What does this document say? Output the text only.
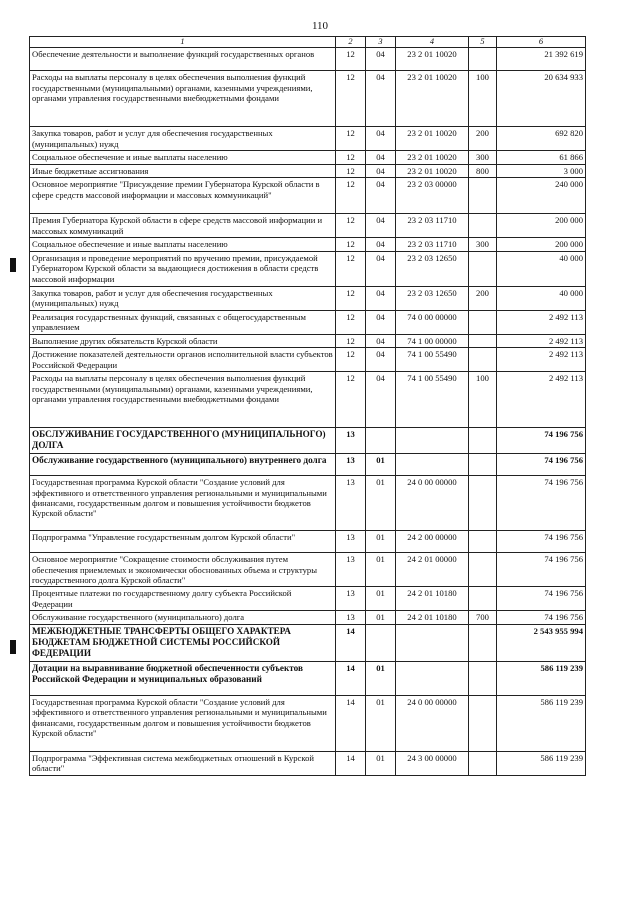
110
1	2	3	4	5	6
Обеспечение деятельности и выполнение функций государственных органов	12	04	23 2 01 10020		21 392 619
Расходы на выплаты персоналу в целях обеспечения выполнения функций государственными (муниципальными) органами, казенными учреждениями, органами управления государственными внебюджетными фондами	12	04	23 2 01 10020	100	20 634 933
Закупка товаров, работ и услуг для обеспечения государственных (муниципальных) нужд	12	04	23 2 01 10020	200	692 820
Социальное обеспечение и иные выплаты населению	12	04	23 2 01 10020	300	61 866
Иные бюджетные ассигнования	12	04	23 2 01 10020	800	3 000
Основное мероприятие "Присуждение премии Губернатора Курской области в сфере средств массовой информации и массовых коммуникаций"	12	04	23 2 03 00000		240 000
Премия Губернатора Курской области в сфере средств массовой информации и массовых коммуникаций	12	04	23 2 03 11710		200 000
Социальное обеспечение и иные выплаты населению	12	04	23 2 03 11710	300	200 000
Организация и проведение мероприятий по вручению премии, присуждаемой Губернатором Курской области за выдающиеся достижения в области средств массовой информации	12	04	23 2 03 12650		40 000
Закупка товаров, работ и услуг для обеспечения государственных (муниципальных) нужд	12	04	23 2 03 12650	200	40 000
Реализация государственных функций, связанных с общегосударственным управлением	12	04	74 0 00 00000		2 492 113
Выполнение других обязательств Курской области	12	04	74 1 00 00000		2 492 113
Достижение показателей деятельности органов исполнительной власти субъектов Российской Федерации	12	04	74 1 00 55490		2 492 113
Расходы на выплаты персоналу в целях обеспечения выполнения функций государственными (муниципальными) органами, казенными учреждениями, органами управления государственными внебюджетными фондами	12	04	74 1 00 55490	100	2 492 113
ОБСЛУЖИВАНИЕ ГОСУДАРСТВЕННОГО (МУНИЦИПАЛЬНОГО) ДОЛГА	13				74 196 756
Обслуживание государственного (муниципального) внутреннего долга	13	01			74 196 756
Государственная программа Курской области "Создание условий для эффективного и ответственного управления региональными и муниципальными финансами, государственным долгом и повышения устойчивости бюджетов Курской области"	13	01	24 0 00 00000		74 196 756
Подпрограмма "Управление государственным долгом Курской области"	13	01	24 2 00 00000		74 196 756
Основное мероприятие "Сокращение стоимости обслуживания путем обеспечения приемлемых и экономически обоснованных объема и структуры государственного долга Курской области"	13	01	24 2 01 00000		74 196 756
Процентные платежи по государственному долгу субъекта Российской Федерации	13	01	24 2 01 10180		74 196 756
Обслуживание государственного (муниципального) долга	13	01	24 2 01 10180	700	74 196 756
МЕЖБЮДЖЕТНЫЕ ТРАНСФЕРТЫ ОБЩЕГО ХАРАКТЕРА БЮДЖЕТАМ БЮДЖЕТНОЙ СИСТЕМЫ РОССИЙСКОЙ ФЕДЕРАЦИИ	14				2 543 955 994
Дотации на выравнивание бюджетной обеспеченности субъектов Российской Федерации и муниципальных образований	14	01			586 119 239
Государственная программа Курской области "Создание условий для эффективного и ответственного управления региональными и муниципальными финансами, государственным долгом и повышения устойчивости бюджетов Курской области"	14	01	24 0 00 00000		586 119 239
Подпрограмма "Эффективная система межбюджетных отношений в Курской области"	14	01	24 3 00 00000		586 119 239
